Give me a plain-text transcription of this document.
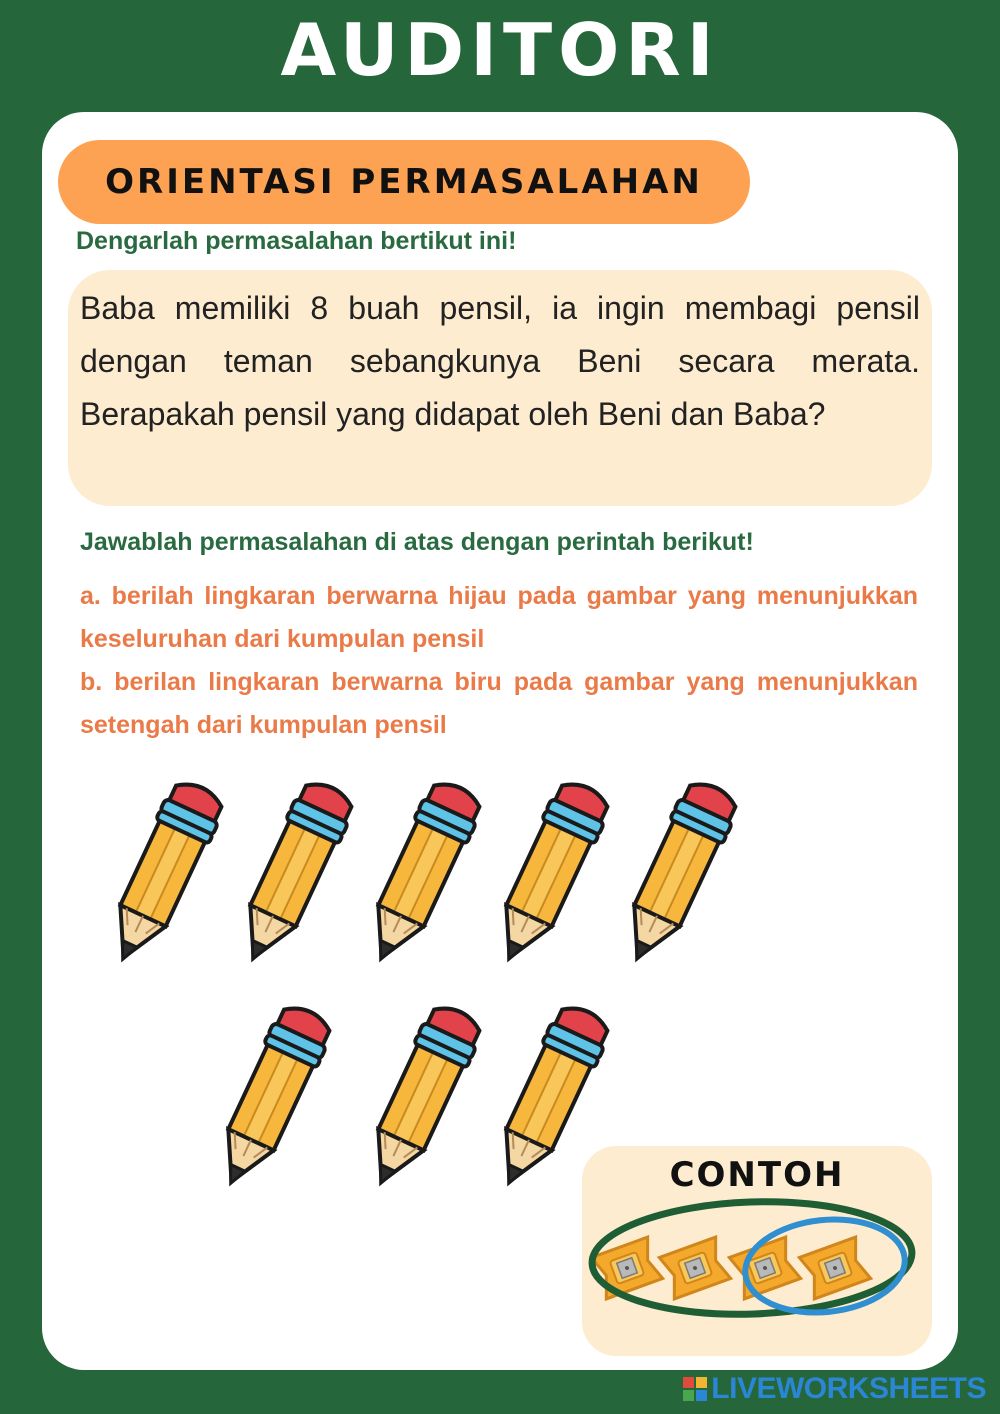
AUDITORI
ORIENTASI PERMASALAHAN
Dengarlah permasalahan bertikut ini!
Baba memiliki 8 buah pensil, ia ingin membagi pensil dengan teman sebangkunya Beni secara merata. Berapakah pensil yang didapat oleh Beni dan Baba?
Jawablah permasalahan di atas dengan perintah berikut!
a. berilah lingkaran berwarna hijau pada gambar yang menunjukkan keseluruhan dari kumpulan pensil
b. berilan lingkaran berwarna biru pada gambar yang menunjukkan setengah dari kumpulan pensil
CONTOH
LIVEWORKSHEETS
